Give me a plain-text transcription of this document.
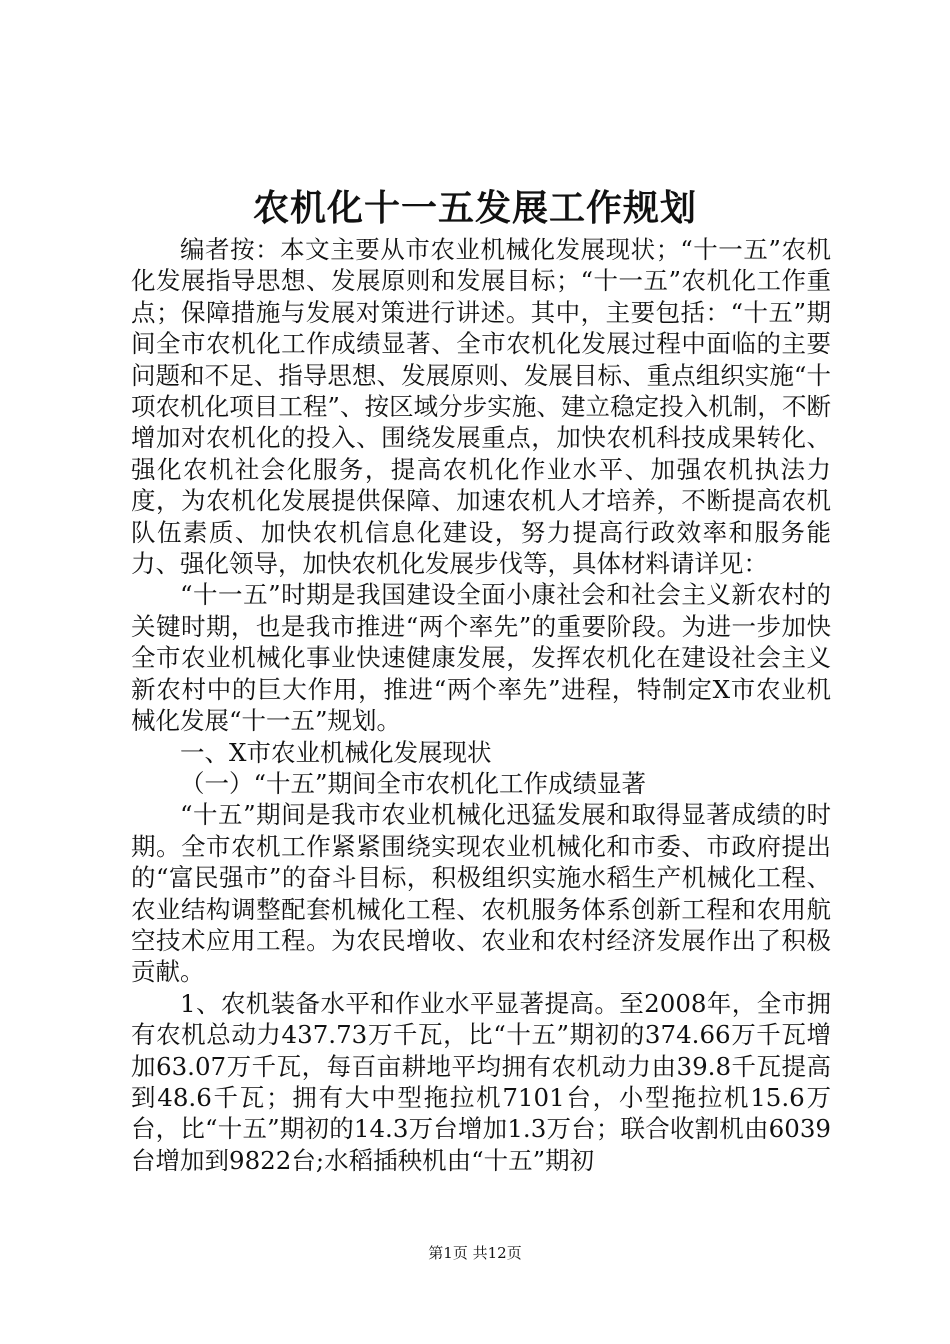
农机化十一五发展工作规划

编者按：本文主要从市农业机械化发展现状；“十一五”农机化发展指导思想、发展原则和发展目标；“十一五”农机化工作重点；保障措施与发展对策进行讲述。其中，主要包括：“十五”期间全市农机化工作成绩显著、全市农机化发展过程中面临的主要问题和不足、指导思想、发展原则、发展目标、重点组织实施“十项农机化项目工程”、按区域分步实施、建立稳定投入机制，不断增加对农机化的投入、围绕发展重点，加快农机科技成果转化、强化农机社会化服务，提高农机化作业水平、加强农机执法力度，为农机化发展提供保障、加速农机人才培养，不断提高农机队伍素质、加快农机信息化建设，努力提高行政效率和服务能力、强化领导，加快农机化发展步伐等，具体材料请详见：

“十一五”时期是我国建设全面小康社会和社会主义新农村的关键时期，也是我市推进“两个率先”的重要阶段。为进一步加快全市农业机械化事业快速健康发展，发挥农机化在建设社会主义新农村中的巨大作用，推进“两个率先”进程，特制定X市农业机械化发展“十一五”规划。

一、X市农业机械化发展现状

（一）“十五”期间全市农机化工作成绩显著

“十五”期间是我市农业机械化迅猛发展和取得显著成绩的时期。全市农机工作紧紧围绕实现农业机械化和市委、市政府提出的“富民强市”的奋斗目标，积极组织实施水稻生产机械化工程、农业结构调整配套机械化工程、农机服务体系创新工程和农用航空技术应用工程。为农民增收、农业和农村经济发展作出了积极贡献。

1、农机装备水平和作业水平显著提高。至2008年，全市拥有农机总动力437.73万千瓦，比“十五”期初的374.66万千瓦增加63.07万千瓦，每百亩耕地平均拥有农机动力由39.8千瓦提高到48.6千瓦；拥有大中型拖拉机7101台，小型拖拉机15.6万台，比“十五”期初的14.3万台增加1.3万台；联合收割机由6039台增加到9822台;水稻插秧机由“十五”期初

第1页 共12页
